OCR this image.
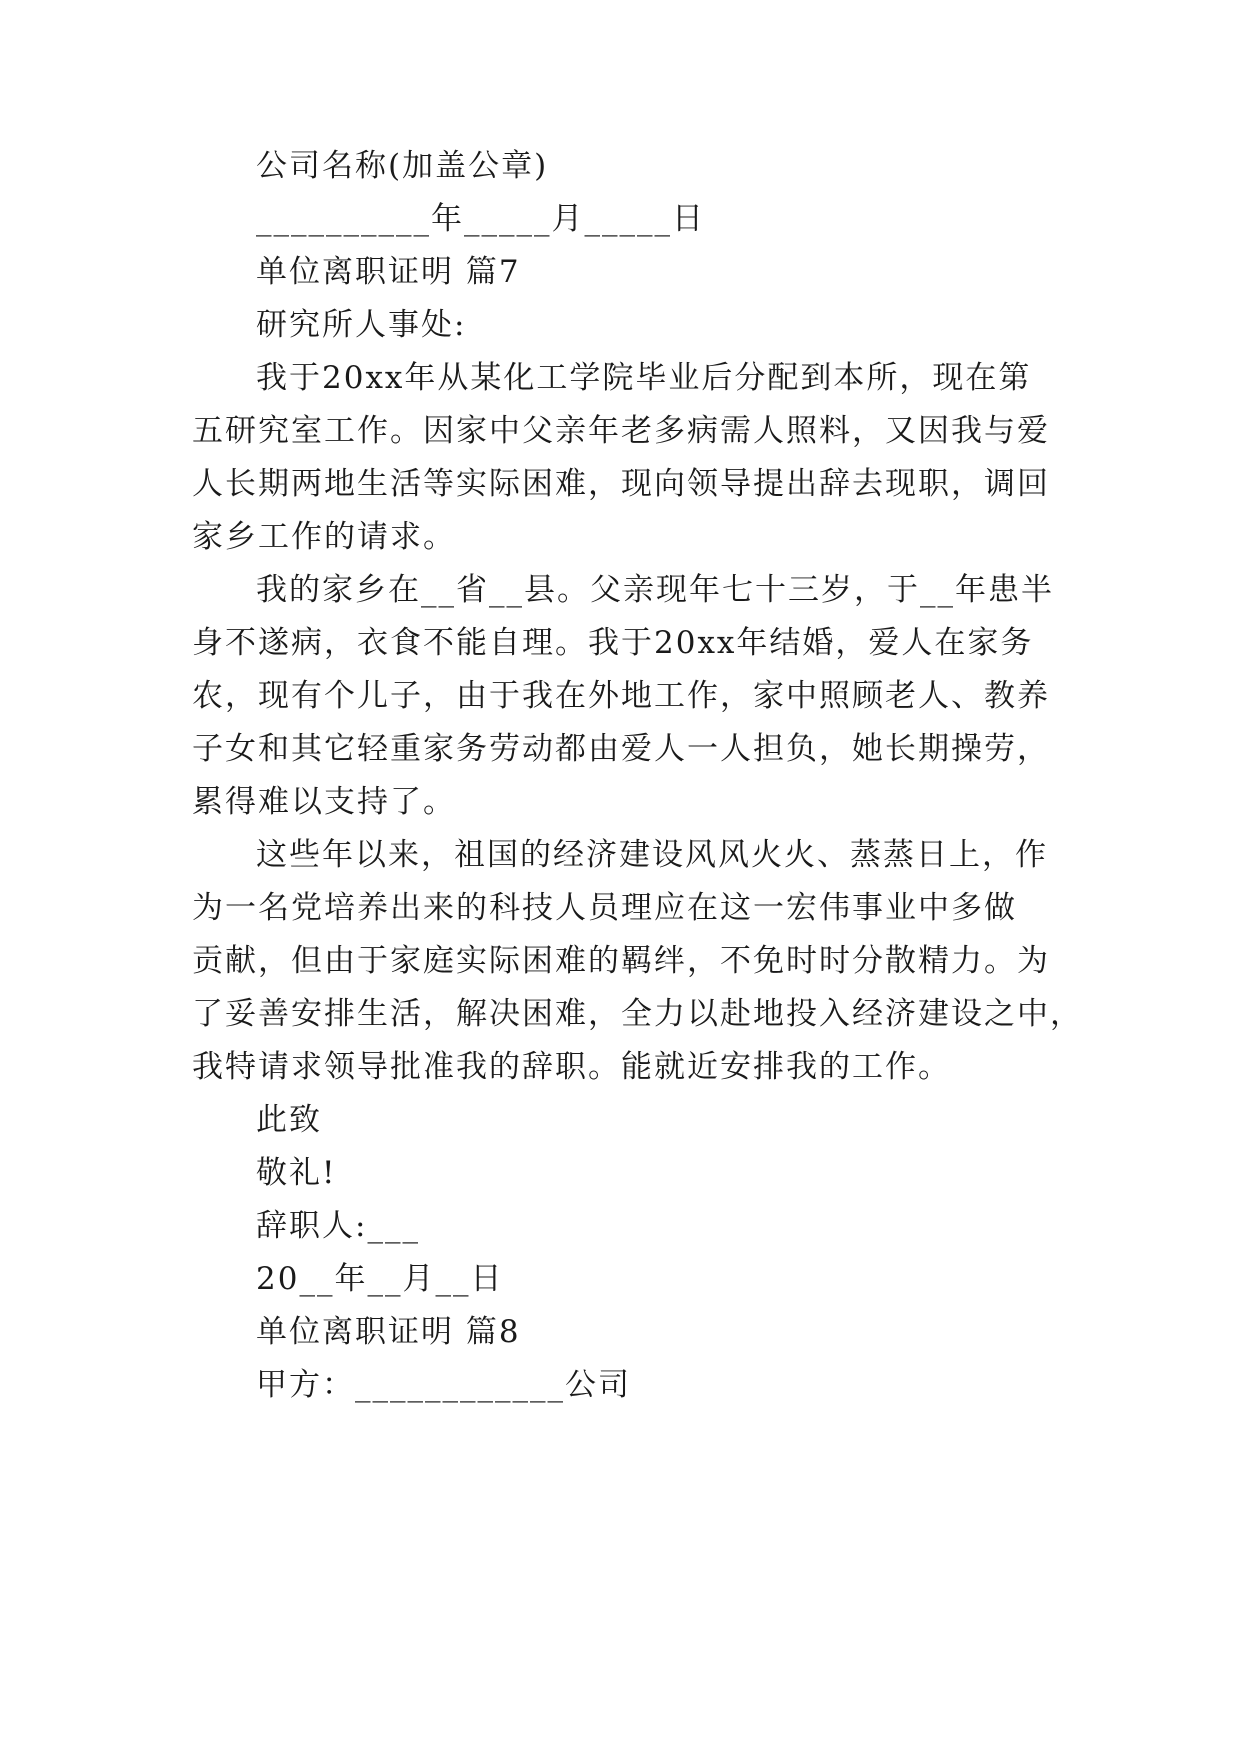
公司名称(加盖公章)

__________年_____月_____日

单位离职证明 篇7

研究所人事处:

我于20xx年从某化工学院毕业后分配到本所，现在第

五研究室工作。因家中父亲年老多病需人照料，又因我与爱

人长期两地生活等实际困难，现向领导提出辞去现职，调回

家乡工作的请求。

我的家乡在__省__县。父亲现年七十三岁，于__年患半

身不遂病，衣食不能自理。我于20xx年结婚，爱人在家务

农，现有个儿子，由于我在外地工作，家中照顾老人、教养

子女和其它轻重家务劳动都由爱人一人担负，她长期操劳，

累得难以支持了。

这些年以来，祖国的经济建设风风火火、蒸蒸日上，作

为一名党培养出来的科技人员理应在这一宏伟事业中多做

贡献，但由于家庭实际困难的羁绊，不免时时分散精力。为

了妥善安排生活，解决困难，全力以赴地投入经济建设之中，

我特请求领导批准我的辞职。能就近安排我的工作。

此致

敬礼!

辞职人:___

20__年__月__日

单位离职证明 篇8

甲方：____________公司
